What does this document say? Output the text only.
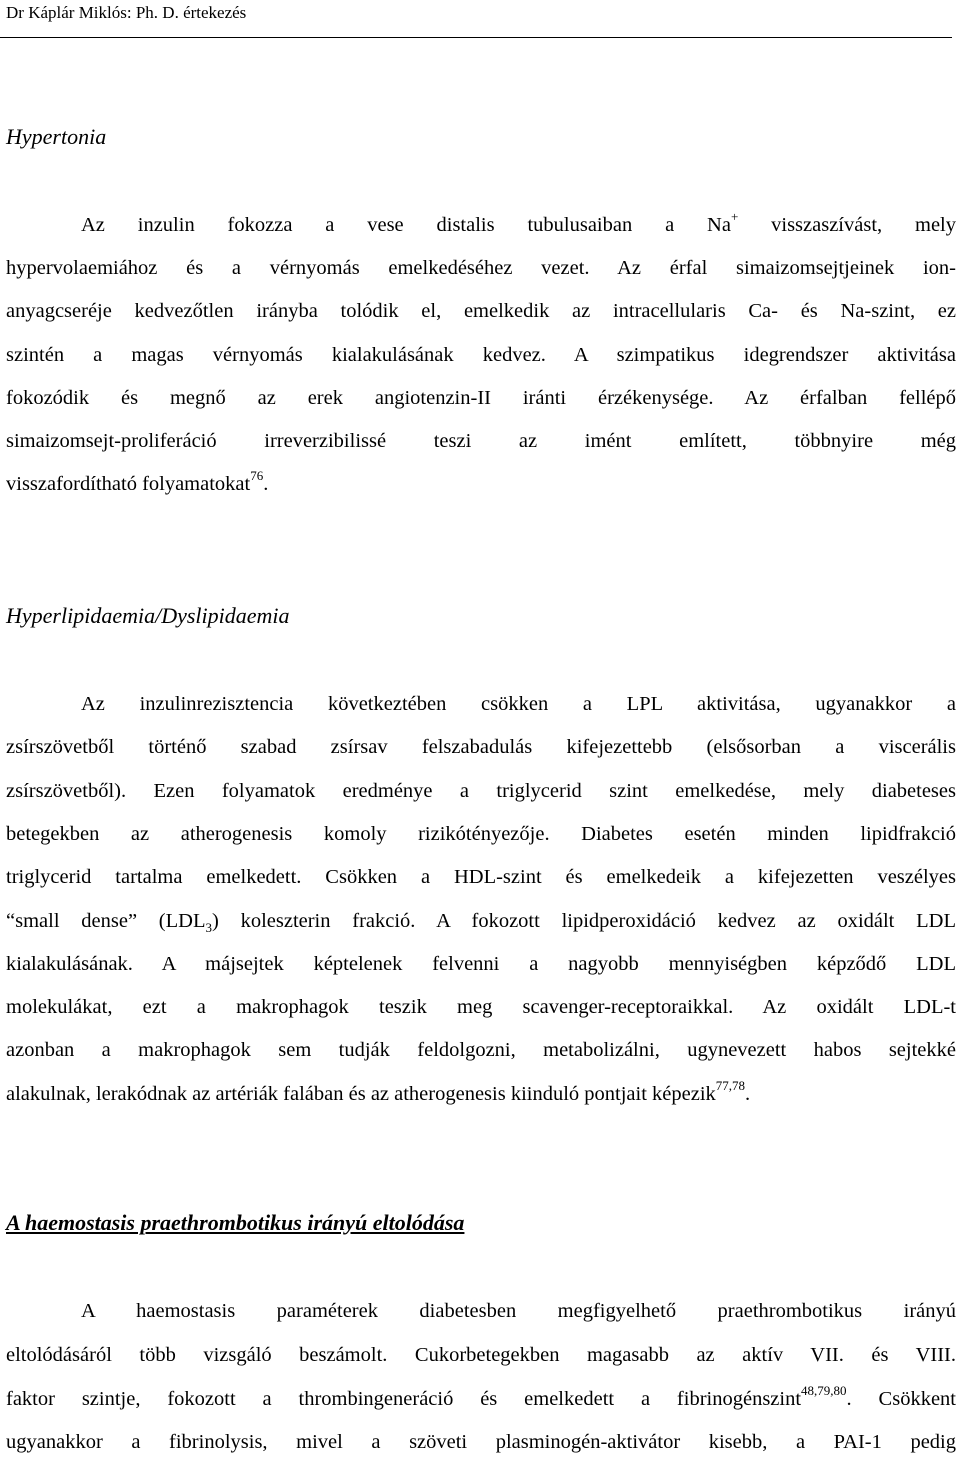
Dr Káplár Miklós: Ph. D. értekezés
Hypertonia
Az inzulin fokozza a vese distalis tubulusaiban a Na+ visszaszívást, mely
hypervolaemiához és a vérnyomás emelkedéséhez vezet. Az érfal simaizomsejtjeinek ion-
anyagcseréje kedvezőtlen irányba tolódik el, emelkedik az intracellularis Ca- és Na-szint, ez
szintén a magas vérnyomás kialakulásának kedvez. A szimpatikus idegrendszer aktivitása
fokozódik és megnő az erek angiotenzin-II iránti érzékenysége. Az érfalban fellépő
simaizomsejt-proliferáció irreverzibilissé teszi az imént említett, többnyire még
visszafordítható folyamatokat$^{76}$.
Hyperlipidaemia/Dyslipidaemia
Az inzulinrezisztencia következtében csökken a LPL aktivitása, ugyanakkor a
zsírszövetből történő szabad zsírsav felszabadulás kifejezettebb (elsősorban a viscerális
zsírszövetből). Ezen folyamatok eredménye a triglycerid szint emelkedése, mely diabeteses
betegekben az atherogenesis komoly rizikótényezője. Diabetes esetén minden lipidfrakció
triglycerid tartalma emelkedett. Csökken a HDL-szint és emelkedeik a kifejezetten veszélyes
“small dense” $(LDL_3)$ koleszterin frakció. A fokozott lipidperoxidáció kedvez az oxidált LDL
kialakulásának. A májsejtek képtelenek felvenni a nagyobb mennyiségben képződő LDL
molekulákat, ezt a makrophagok teszik meg scavenger-receptoraikkal. Az oxidált LDL-t
azonban a makrophagok sem tudják feldolgozni, metabolizálni, ugynevezett habos sejtekké
alakulnak, lerakódnak az artériák falában és az atherogenesis kiinduló pontjait képezik$^{77,78}$.
A haemostasis praethrombotikus irányú eltolódása
A haemostasis paraméterek diabetesben megfigyelhető praethrombotikus irányú
eltolódásáról több vizsgáló beszámolt. Cukorbetegekben magasabb az aktív VII. és VIII.
faktor szintje, fokozott a thrombingeneráció és emelkedett a fibrinogénszint$^{48,79,80}$. Csökkent
ugyanakkor a fibrinolysis, mivel a szöveti plasminogén-aktivátor kisebb, a PAI-1 pedig
